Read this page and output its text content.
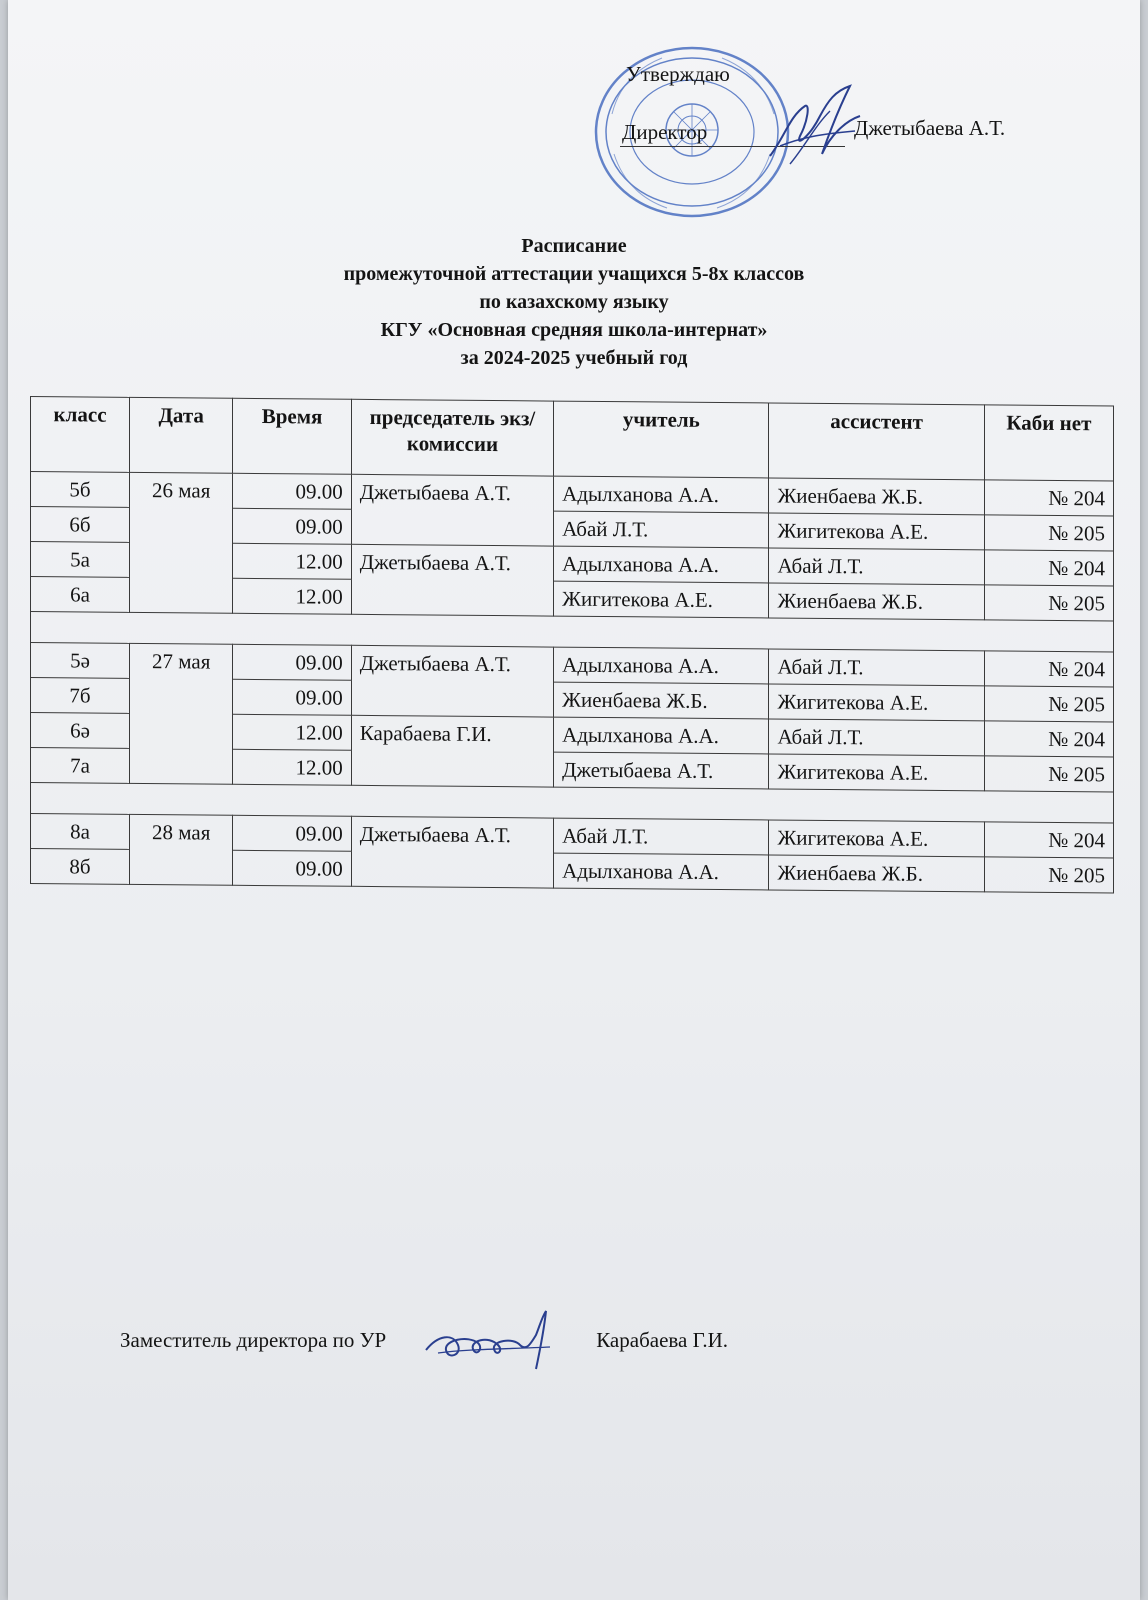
Утверждаю
Директор	Джетыбаева А.Т.
Расписание
промежуточной аттестации учащихся 5-8х классов
по казахскому языку
КГУ «Основная средняя школа-интернат»
за 2024-2025 учебный год
класс	Дата	Время	председатель экз/комиссии	учитель	ассистент	Каби нет
5б	26 мая	09.00	Джетыбаева А.Т.	Адылханова А.А.	Жиенбаева Ж.Б.	№ 204
6б		09.00		Абай Л.Т.	Жигитекова А.Е.	№ 205
5а		12.00	Джетыбаева А.Т.	Адылханова А.А.	Абай Л.Т.	№ 204
6а		12.00		Жигитекова А.Е.	Жиенбаева Ж.Б.	№ 205

5ә	27 мая	09.00	Джетыбаева А.Т.	Адылханова А.А.	Абай Л.Т.	№ 204
7б		09.00		Жиенбаева Ж.Б.	Жигитекова А.Е.	№ 205
6ә		12.00	Карабаева Г.И.	Адылханова А.А.	Абай Л.Т.	№ 204
7а		12.00		Джетыбаева А.Т.	Жигитекова А.Е.	№ 205

8а	28 мая	09.00	Джетыбаева А.Т.	Абай Л.Т.	Жигитекова А.Е.	№ 204
8б		09.00		Адылханова А.А.	Жиенбаева Ж.Б.	№ 205
Заместитель директора по УР	Карабаева Г.И.
